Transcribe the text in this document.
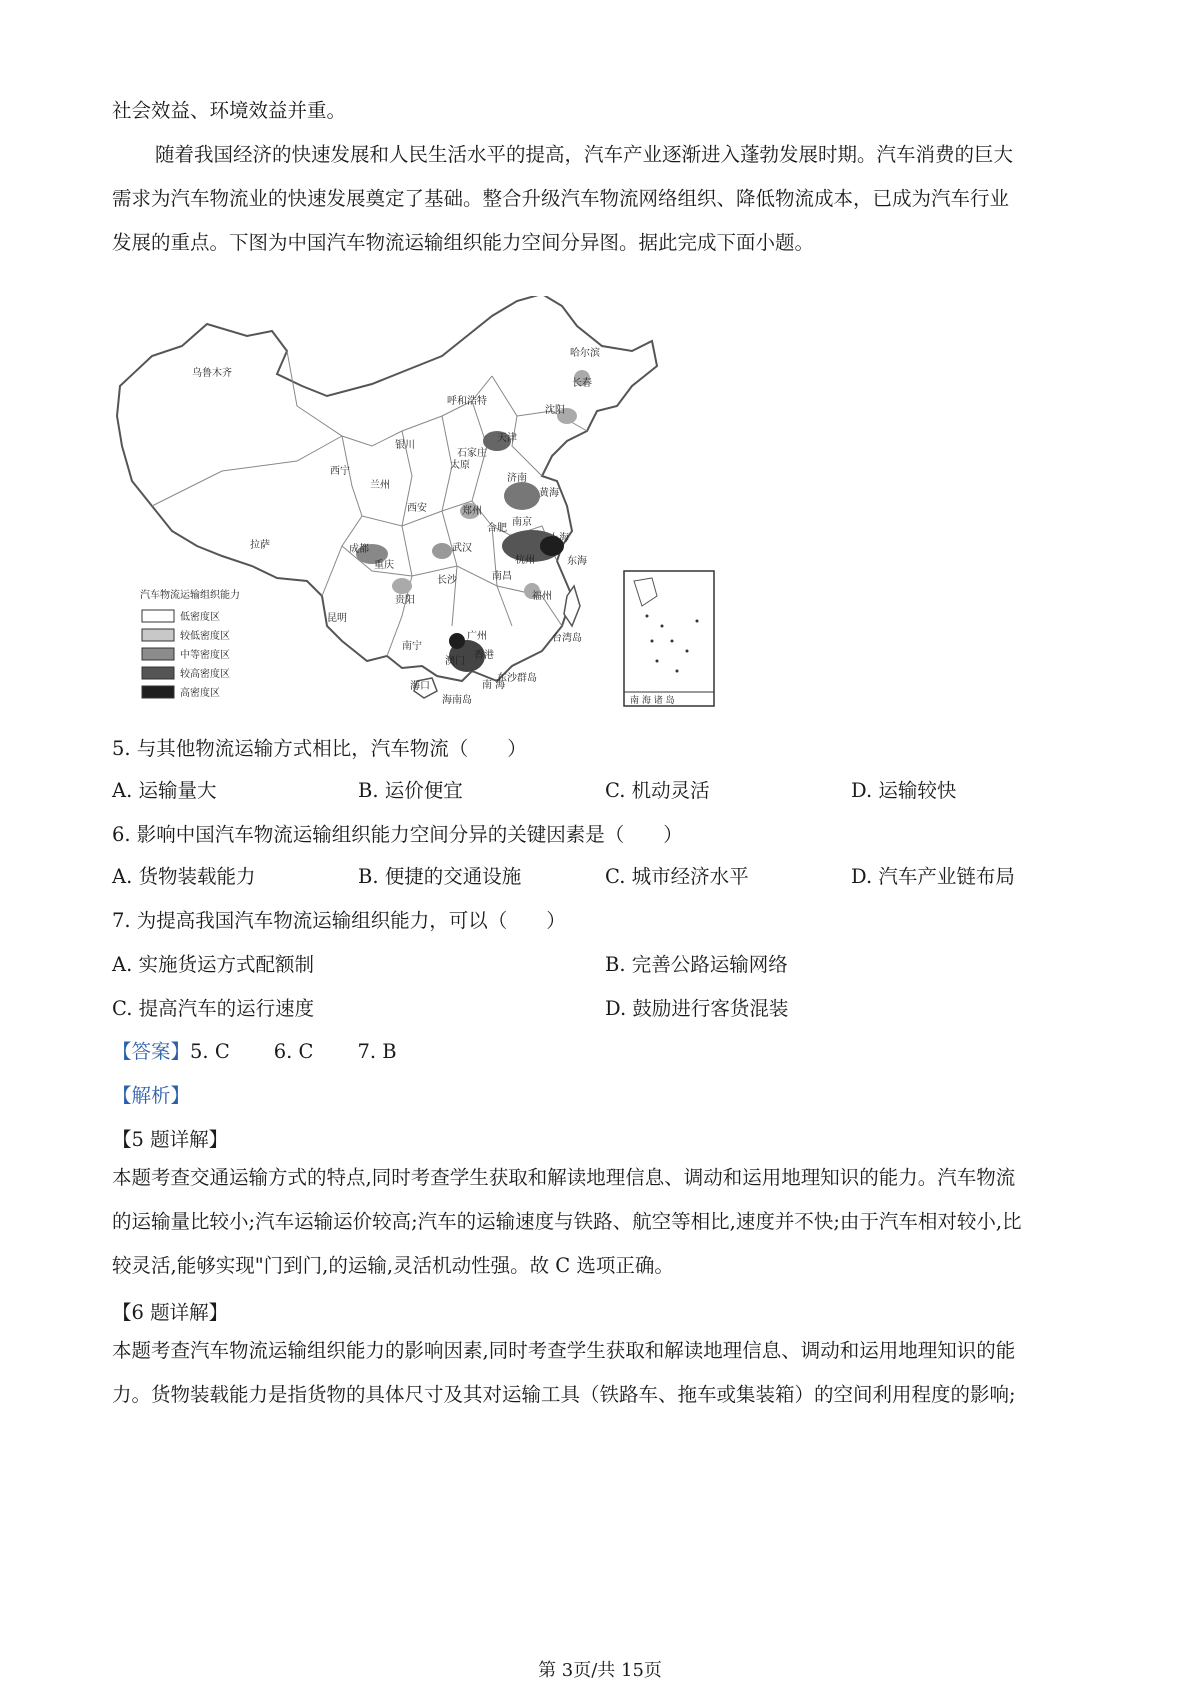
社会效益、环境效益并重。

随着我国经济的快速发展和人民生活水平的提高，汽车产业逐渐进入蓬勃发展时期。汽车消费的巨大

需求为汽车物流业的快速发展奠定了基础。整合升级汽车物流网络组织、降低物流成本，已成为汽车行业

发展的重点。下图为中国汽车物流运输组织能力空间分异图。据此完成下面小题。

乌鲁木齐
哈尔滨
长春
沈阳
呼和浩特
天津
石家庄
银川
太原
西宁
兰州
济南
西安	郑州
合肥
南京
上海
拉萨	成都	武汉
重庆	杭州
长沙	南昌
贵阳	福州
昆明
广州
南宁
澳门
香港
海口
黄海
东海
台湾岛
南 海
东沙群岛
海南岛
汽车物流运输组织能力
低密度区
较低密度区
中等密度区
较高密度区
高密度区
南 海 诸 岛
5. 与其他物流运输方式相比，汽车物流（　　）
A. 运输量大	B. 运价便宜	C. 机动灵活	D. 运输较快
6. 影响中国汽车物流运输组织能力空间分异的关键因素是（　　）
A. 货物装载能力	B. 便捷的交通设施	C. 城市经济水平	D. 汽车产业链布局
7. 为提高我国汽车物流运输组织能力，可以（　　）
A. 实施货运方式配额制	B. 完善公路运输网络
C. 提高汽车的运行速度	D. 鼓励进行客货混装
【答案】5. C 6. C 7. B
【解析】
【5 题详解】

本题考查交通运输方式的特点,同时考查学生获取和解读地理信息、调动和运用地理知识的能力。汽车物流

的运输量比较小;汽车运输运价较高;汽车的运输速度与铁路、航空等相比,速度并不快;由于汽车相对较小,比

较灵活,能够实现"门到门,的运输,灵活机动性强。故 C 选项正确。

【6 题详解】

本题考查汽车物流运输组织能力的影响因素,同时考查学生获取和解读地理信息、调动和运用地理知识的能

力。货物装载能力是指货物的具体尺寸及其对运输工具（铁路车、拖车或集装箱）的空间利用程度的影响;

第 3页/共 15页
